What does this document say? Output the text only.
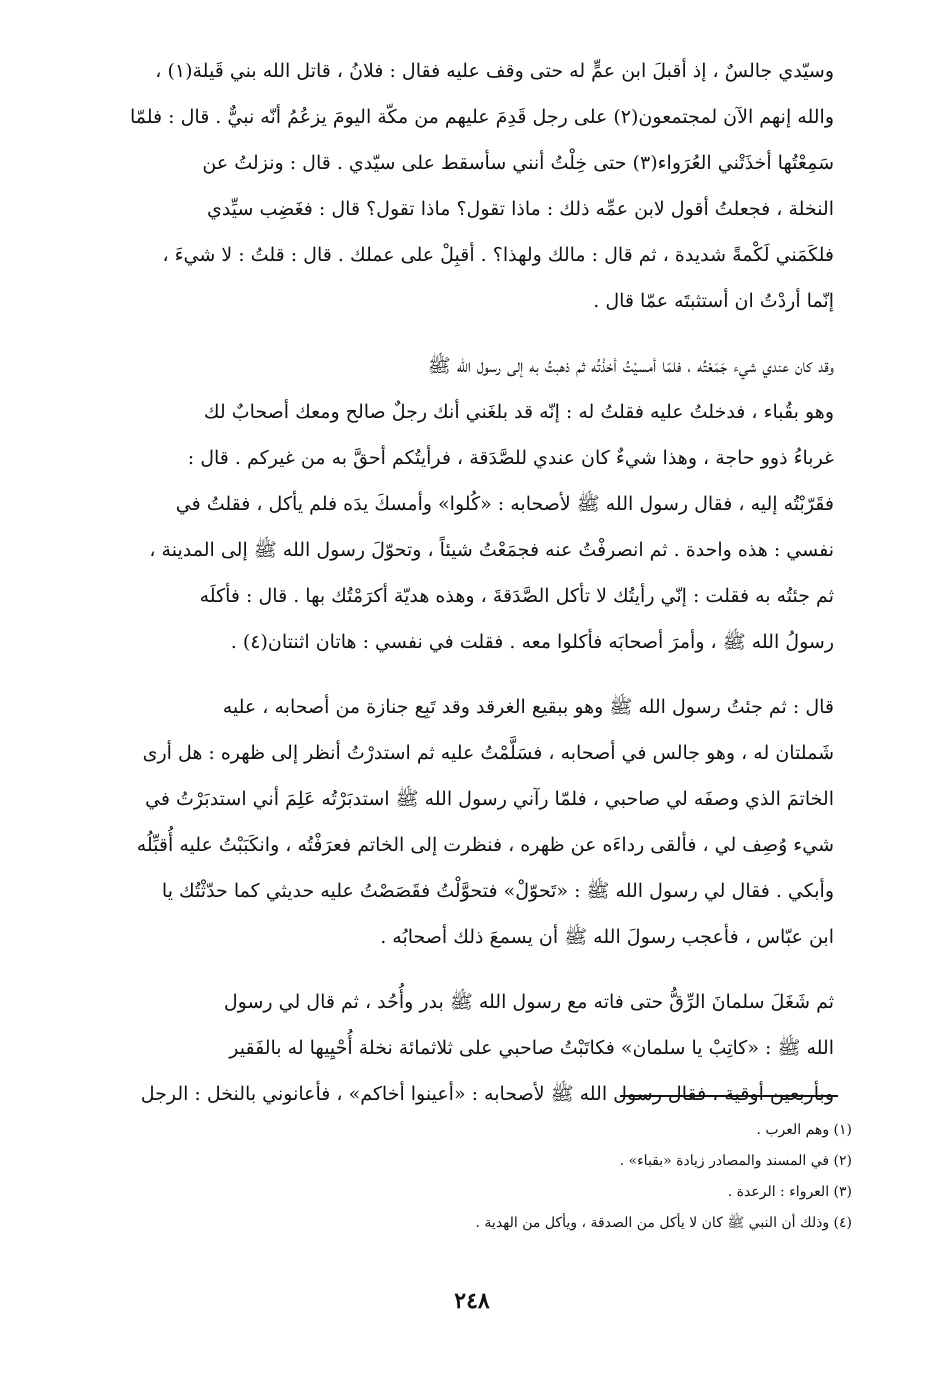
وسيّدي جالسٌ ، إذ أقبلَ ابن عمٍّ له حتى وقف عليه فقال : فلانُ ، قاتل الله بني قَيلة(١) ،
والله إنهم الآن لمجتمعون(٢) على رجل قَدِمَ عليهم من مكّة اليومَ يزعُمُ أنّه نبيٌّ . قال : فلمّا
سَمِعْتُها أخذَتْني العُرَواء(٣) حتى خِلْتُ أنني سأسقط على سيّدي . قال : ونزلتُ عن
النخلة ، فجعلتُ أقول لابن عمِّه ذلك : ماذا تقول؟ ماذا تقول؟ قال : فغَضِب سيِّدي
فلكَمَني لَكْمةً شديدة ، ثم قال : مالك ولهذا؟ . أقبِلْ على عملك . قال : قلتُ : لا شيءَ ،
إنّما أردْتُ ان أستثبتَه عمّا قال .
وقد كان عندي شيء جَمَعْتُه ، فلمّا أمسيْتُ أخذْتُه ثم ذهبتُ به إلى رسول الله ﷺ
وهو بقُباء ، فدخلتُ عليه فقلتُ له : إنّه قد بلغَني أنك رجلٌ صالح ومعك أصحابٌ لك
غرباءُ ذوو حاجة ، وهذا شيءٌ كان عندي للصَّدَقة ، فرأيتُكم أحقَّ به من غيركم . قال :
فقَرّبْتُه إليه ، فقال رسول الله ﷺ لأصحابه : «كُلوا» وأمسكَ يدَه فلم يأكل ، فقلتُ في
نفسي : هذه واحدة . ثم انصرفْتُ عنه فجمَعْتُ شيئاً ، وتحوّلَ رسول الله ﷺ إلى المدينة ،
ثم جئتُه به فقلت : إنّي رأيتُك لا تأكل الصَّدَقةَ ، وهذه هديّة أكرَمْتُك بها . قال : فأكلَه
رسولُ الله ﷺ ، وأمرَ أصحابَه فأكلوا معه . فقلت في نفسي : هاتان اثنتان(٤) .
قال : ثم جئتُ رسول الله ﷺ وهو ببقيع الغرقد وقد تَبِع جنازة من أصحابه ، عليه
شَملتان له ، وهو جالس في أصحابه ، فسَلَّمْتُ عليه ثم استدرْتُ أنظر إلى ظهره : هل أرى
الخاتمَ الذي وصفَه لي صاحبي ، فلمّا رآني رسول الله ﷺ استدبَرْتُه عَلِمَ أني استدبَرْتُ في
شيء وُصِف لي ، فألقى رداءَه عن ظهره ، فنظرت إلى الخاتم فعرَفْتُه ، وانكَبَبْتُ عليه أُقبِّلُه
وأبكي . فقال لي رسول الله ﷺ : «تَحوّلْ» فتحوَّلْتُ فقَصَصْتُ عليه حديثي كما حدّثْتُك يا
ابن عبّاس ، فأعجب رسولَ الله ﷺ أن يسمعَ ذلك أصحابُه .
ثم شَغَلَ سلمانَ الرِّقُّ حتى فاته مع رسول الله ﷺ بدر وأُحُد ، ثم قال لي رسول
الله ﷺ : «كاتِبْ يا سلمان» فكاتَبْتُ صاحبي على ثلاثمائة نخلة أُحْيِيها له بالفَقير
وبأربعين أوقية ، فقال رسول الله ﷺ لأصحابه : «أعينوا أخاكم» ، فأعانوني بالنخل : الرجل
(١) وهم العرب .
(٢) في المسند والمصادر زيادة «بقباء» .
(٣) العرواء : الرعدة .
(٤) وذلك أن النبي ﷺ كان لا يأكل من الصدقة ، ويأكل من الهدية .
٢٤٨
